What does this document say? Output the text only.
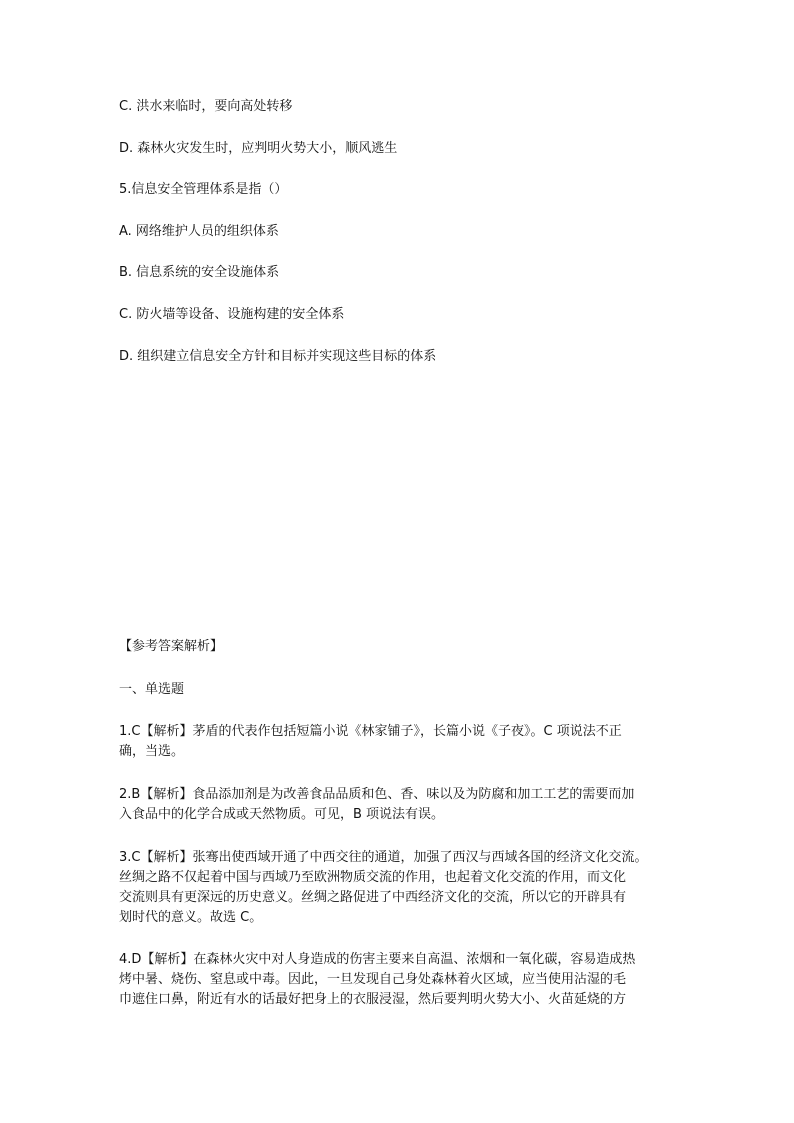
C. 洪水来临时，要向高处转移
D. 森林火灾发生时，应判明火势大小，顺风逃生
5.信息安全管理体系是指（）
A. 网络维护人员的组织体系
B. 信息系统的安全设施体系
C. 防火墙等设备、设施构建的安全体系
D. 组织建立信息安全方针和目标并实现这些目标的体系
【参考答案解析】
一、单选题
1.C【解析】茅盾的代表作包括短篇小说《林家铺子》，长篇小说《子夜》。C 项说法不正
确，当选。
2.B【解析】食品添加剂是为改善食品品质和色、香、味以及为防腐和加工工艺的需要而加
入食品中的化学合成或天然物质。可见，B 项说法有误。
3.C【解析】张骞出使西域开通了中西交往的通道，加强了西汉与西域各国的经济文化交流。
丝绸之路不仅起着中国与西域乃至欧洲物质交流的作用，也起着文化交流的作用，而文化
交流则具有更深远的历史意义。丝绸之路促进了中西经济文化的交流，所以它的开辟具有
划时代的意义。故选 C。
4.D【解析】在森林火灾中对人身造成的伤害主要来自高温、浓烟和一氧化碳，容易造成热
烤中暑、烧伤、窒息或中毒。因此，一旦发现自己身处森林着火区域，应当使用沾湿的毛
巾遮住口鼻，附近有水的话最好把身上的衣服浸湿，然后要判明火势大小、火苗延烧的方
